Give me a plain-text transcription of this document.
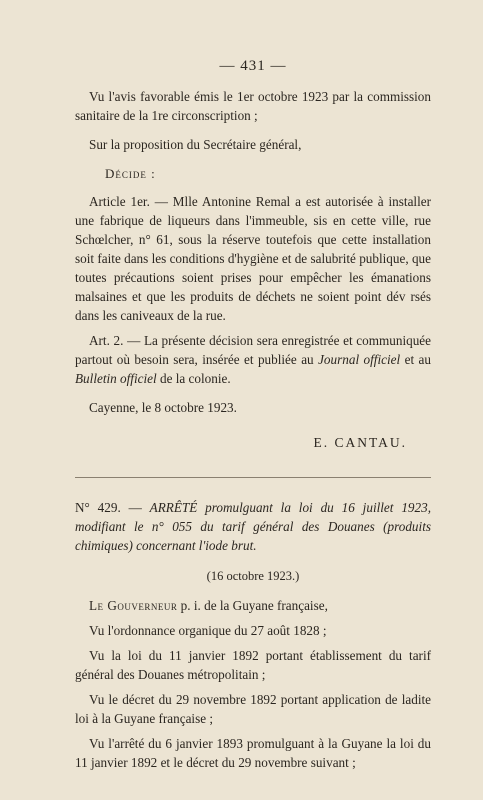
— 431 —

Vu l'avis favorable émis le 1er octobre 1923 par la commission sanitaire de la 1re circonscription ;

Sur la proposition du Secrétaire général,

Décide :

Article 1er. — Mlle Antonine Remal a est autorisée à installer une fabrique de liqueurs dans l'immeuble, sis en cette ville, rue Schœlcher, n° 61, sous la réserve toutefois que cette installation soit faite dans les conditions d'hygiène et de salubrité publique, que toutes précautions soient prises pour empêcher les émanations malsaines et que les produits de déchets ne soient point dév rsés dans les caniveaux de la rue.

Art. 2. — La présente décision sera enregistrée et communiquée partout où besoin sera, insérée et publiée au Journal officiel et au Bulletin officiel de la colonie.

Cayenne, le 8 octobre 1923.

E. CANTAU.

N° 429. — ARRÊTÉ promulguant la loi du 16 juillet 1923, modifiant le n° 055 du tarif général des Douanes (produits chimiques) concernant l'iode brut.

(16 octobre 1923.)

Le Gouverneur p. i. de la Guyane française,

Vu l'ordonnance organique du 27 août 1828 ;

Vu la loi du 11 janvier 1892 portant établissement du tarif général des Douanes métropolitain ;

Vu le décret du 29 novembre 1892 portant application de ladite loi à la Guyane française ;

Vu l'arrêté du 6 janvier 1893 promulguant à la Guyane la loi du 11 janvier 1892 et le décret du 29 novembre suivant ;
